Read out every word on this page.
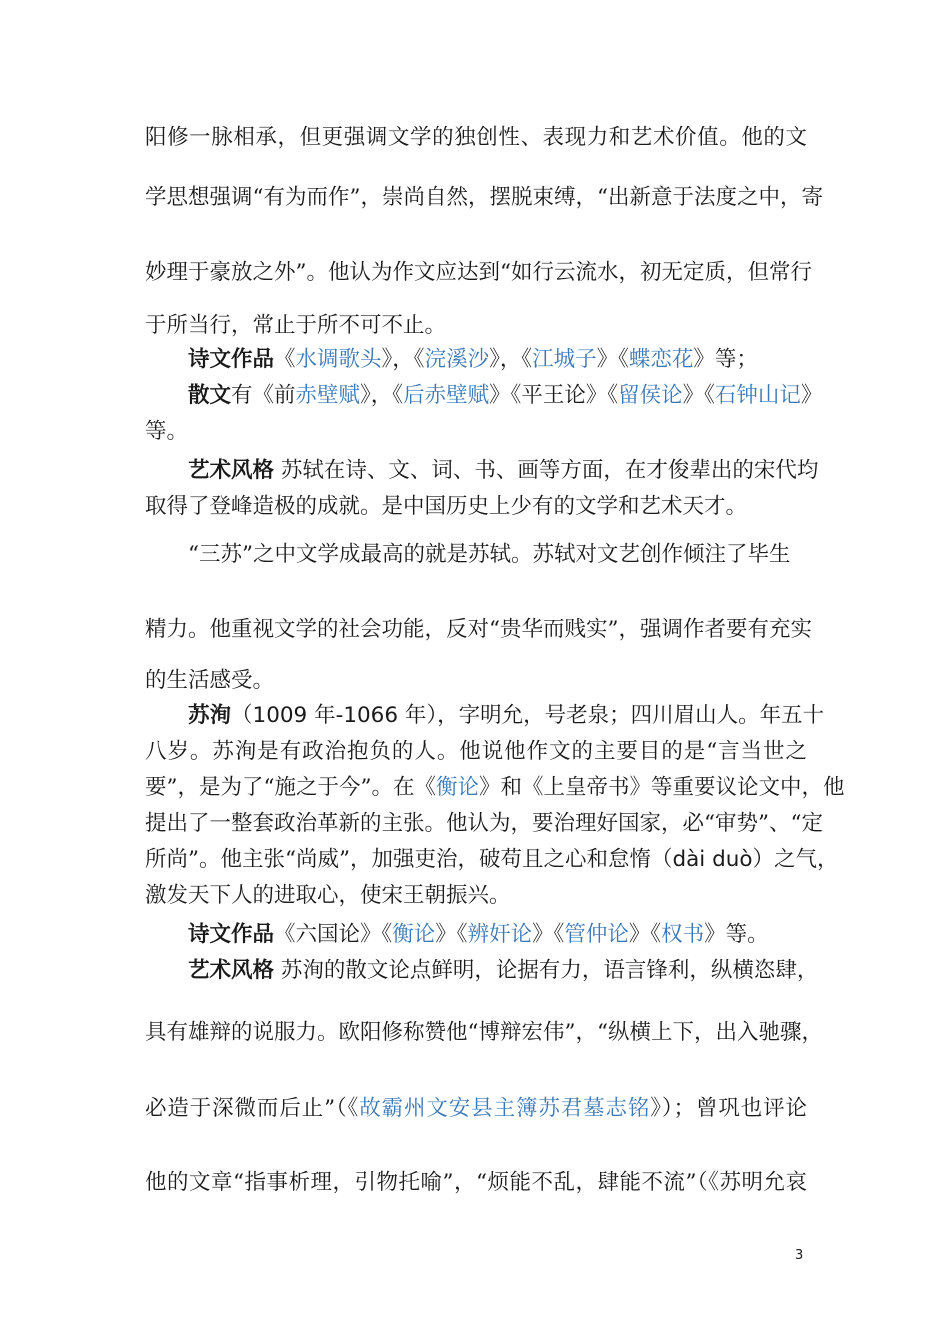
阳修一脉相承，但更强调文学的独创性、表现力和艺术价值。他的文
学思想强调“有为而作”，崇尚自然，摆脱束缚，“出新意于法度之中，寄
妙理于豪放之外”。他认为作文应达到“如行云流水，初无定质，但常行
于所当行，常止于所不可不止。
诗文作品《水调歌头》，《浣溪沙》，《江城子》《蝶恋花》等；
散文有《前赤壁赋》，《后赤壁赋》《平王论》《留侯论》《石钟山记》
等。
艺术风格 苏轼在诗、文、词、书、画等方面，在才俊辈出的宋代均
取得了登峰造极的成就。是中国历史上少有的文学和艺术天才。
“三苏”之中文学成最高的就是苏轼。苏轼对文艺创作倾注了毕生
精力。他重视文学的社会功能，反对“贵华而贱实”，强调作者要有充实
的生活感受。
苏洵（1009 年-1066 年），字明允，号老泉；四川眉山人。年五十
八岁。苏洵是有政治抱负的人。他说他作文的主要目的是“言当世之
要”，是为了“施之于今”。在《衡论》和《上皇帝书》等重要议论文中，他
提出了一整套政治革新的主张。他认为，要治理好国家，必“审势”、“定
所尚”。他主张“尚威”，加强吏治，破苟且之心和怠惰（dài duò）之气，
激发天下人的进取心，使宋王朝振兴。
诗文作品《六国论》《衡论》《辨奸论》《管仲论》《权书》等。
艺术风格 苏洵的散文论点鲜明，论据有力，语言锋利，纵横恣肆，
具有雄辩的说服力。欧阳修称赞他“博辩宏伟”，“纵横上下，出入驰骤，
必造于深微而后止”（《故霸州文安县主簿苏君墓志铭》）；曾巩也评论
他的文章“指事析理，引物托喻”，“烦能不乱，肆能不流”（《苏明允哀
3
